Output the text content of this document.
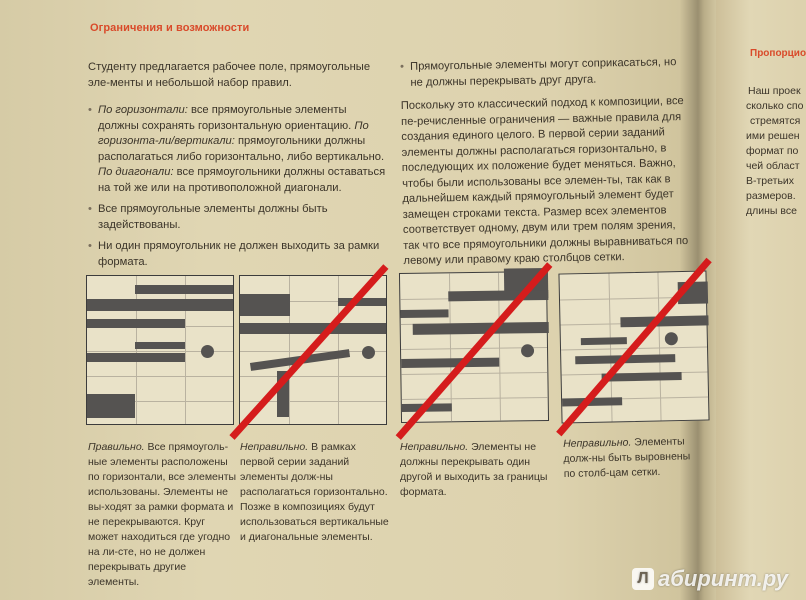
Пропорцио
Наш проек
сколько спо
стремятся
ими решен
формат по
чей област
В-третьих
размеров.
длины все
Ограничения и возможности

Студенту предлагается рабочее поле, прямоугольные эле-менты и небольшой набор правил.

• По горизонтали: все прямоугольные элементы должны сохранять горизонтальную ориентацию. По горизонта-ли/вертикали: прямоугольники должны располагаться либо горизонтально, либо вертикально. По диагонали: все прямоугольники должны оставаться на той же или на противоположной диагонали.
• Все прямоугольные элементы должны быть задействованы.
• Ни один прямоугольник не должен выходить за рамки формата.
• Прямоугольные элементы могут соприкасаться, но не должны перекрывать друг друга.

Поскольку это классический подход к композиции, все пе-речисленные ограничения — важные правила для создания единого целого. В первой серии заданий элементы должны располагаться горизонтально, в последующих их положение будет меняться. Важно, чтобы были использованы все элемен-ты, так как в дальнейшем каждый прямоугольный элемент будет замещен строками текста. Размер всех элементов соответствует одному, двум или трем полям зрения, так что все прямоугольники должны выравниваться по левому или правому краю столбцов сетки.

Правильно. Все прямоуголь-ные элементы расположены по горизонтали, все элементы использованы. Элементы не вы-ходят за рамки формата и не перекрываются. Круг может находиться где угодно на ли-сте, но не должен перекрывать другие элементы.
Неправильно. В рамках первой серии заданий элементы долж-ны располагаться горизонтально. Позже в композициях будут использоваться вертикальные и диагональные элементы.
Неправильно. Элементы не должны перекрывать один другой и выходить за границы формата.
Неправильно. Элементы долж-ны быть выровнены по столб-цам сетки.
Л абиринт.ру
